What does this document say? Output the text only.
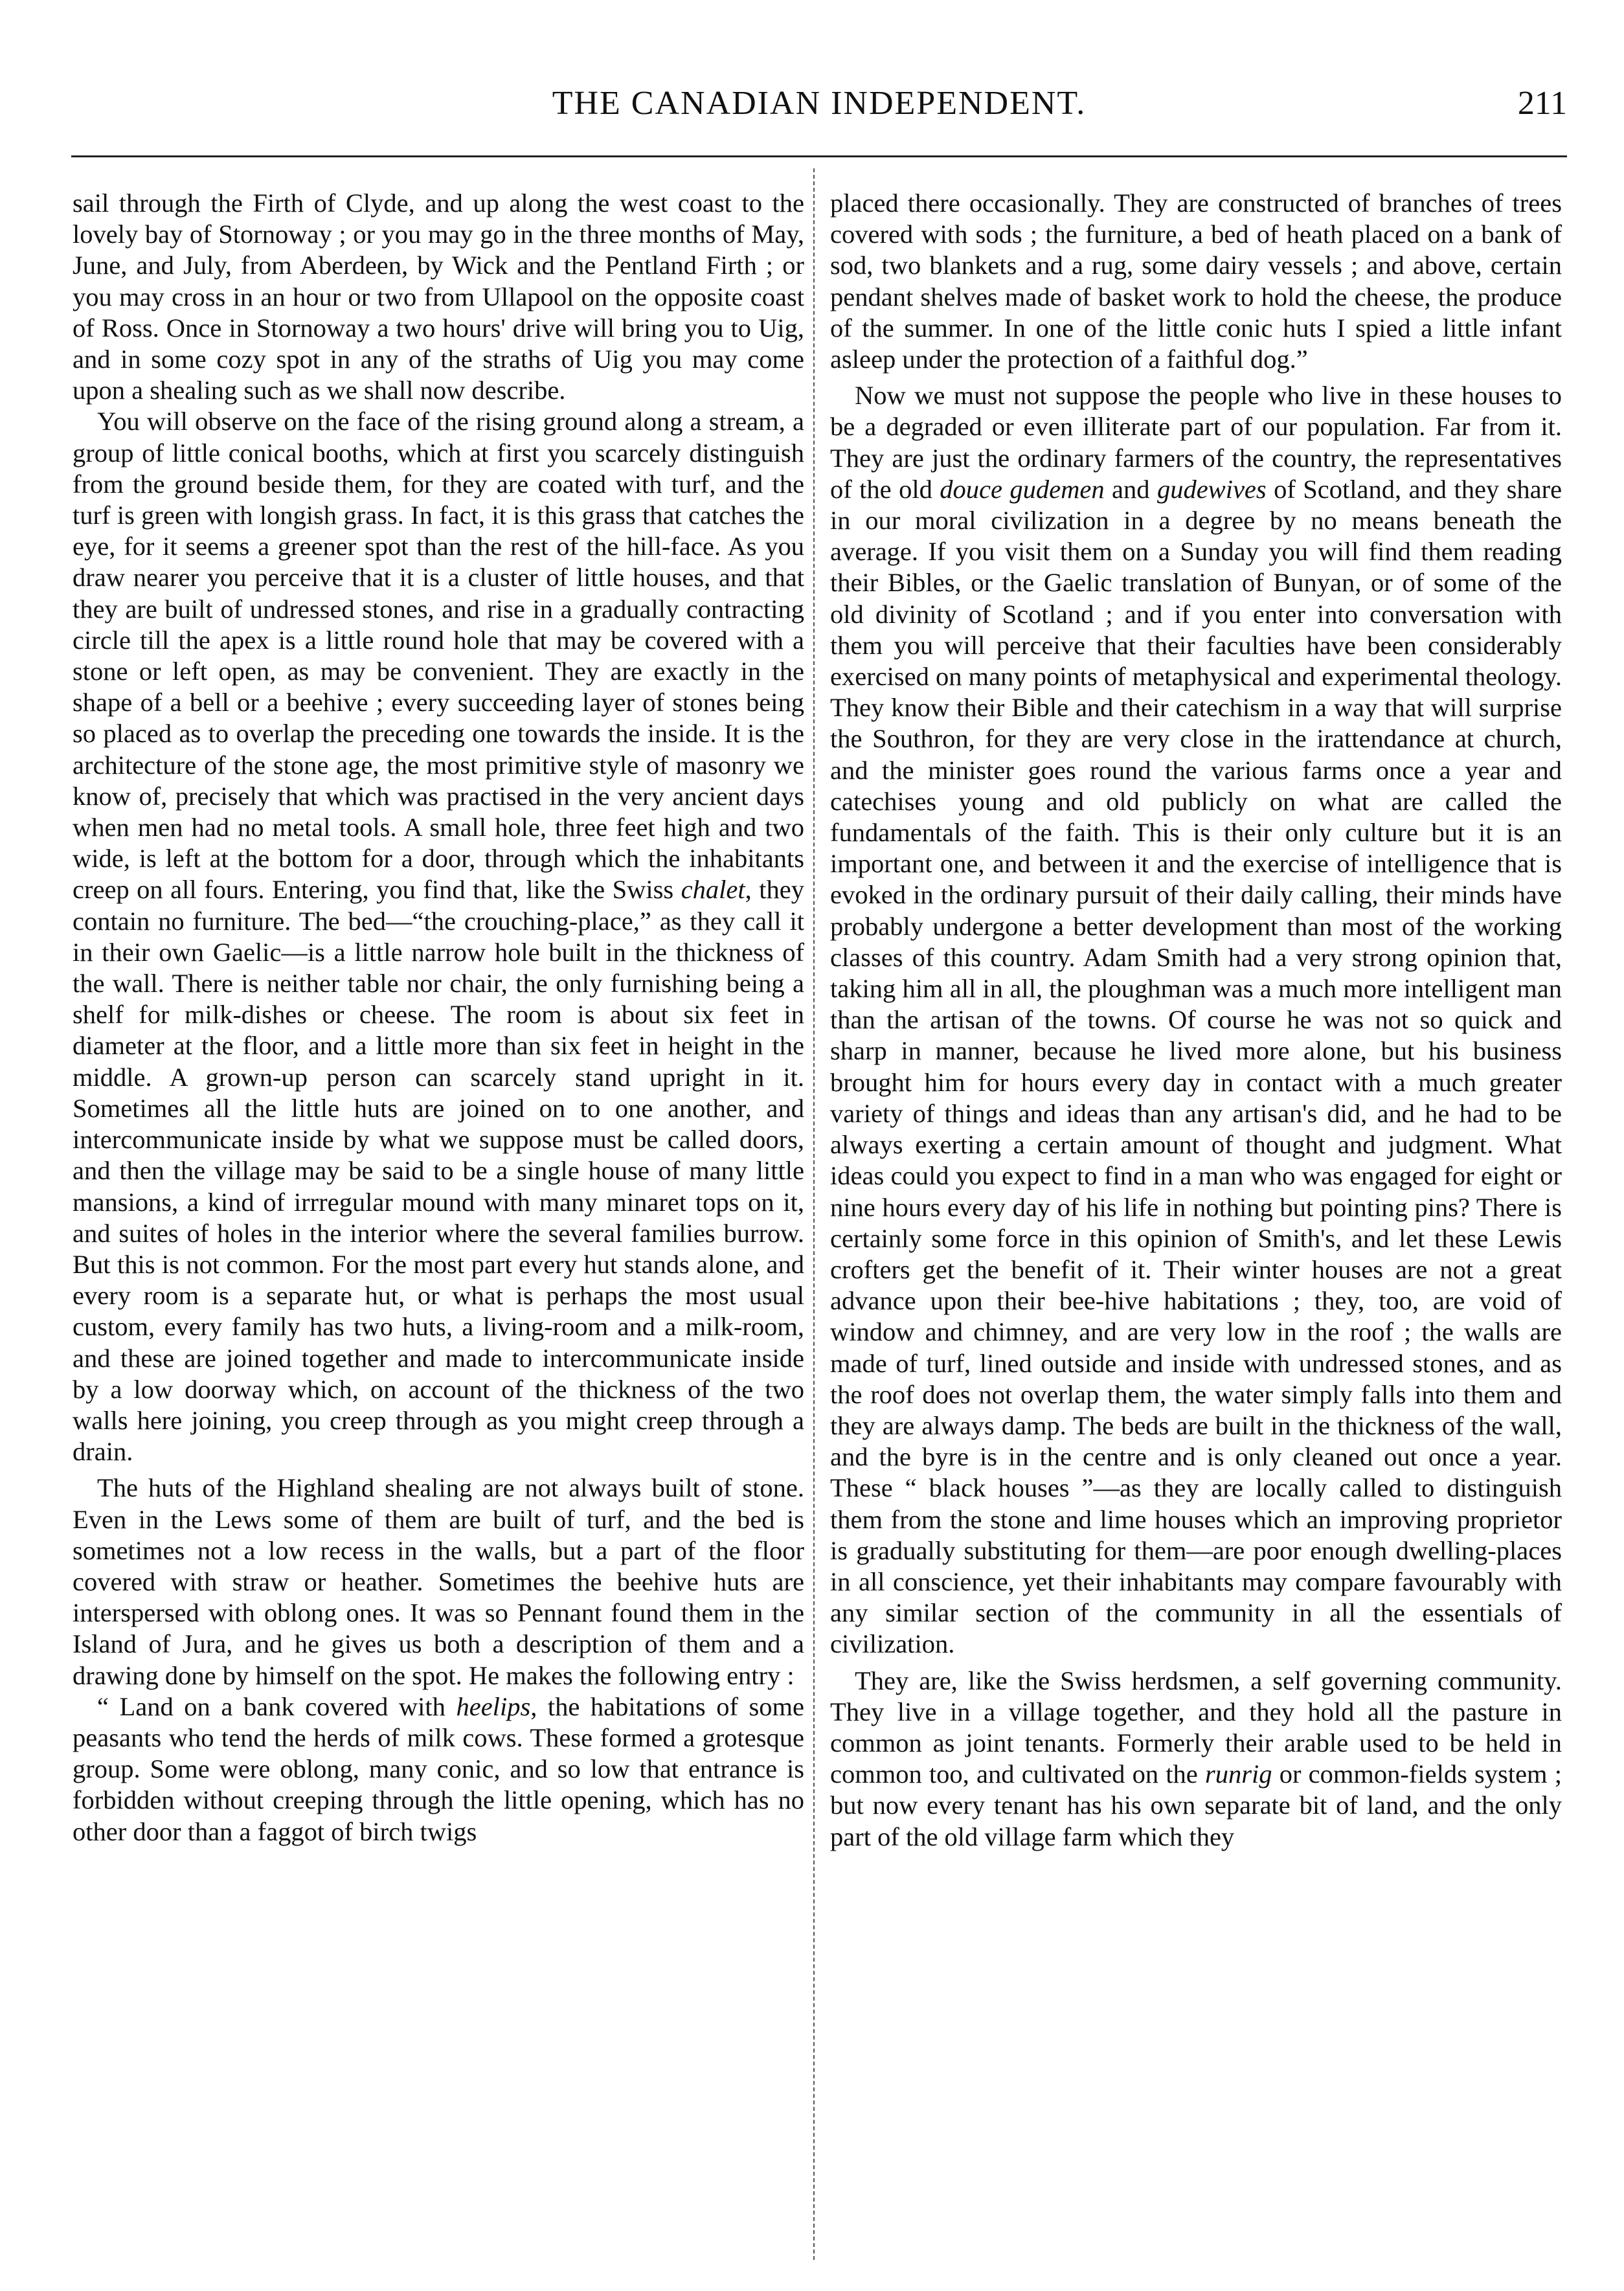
THE CANADIAN INDEPENDENT.	211

sail through the Firth of Clyde, and up along the west coast to the lovely bay of Stornoway ; or you may go in the three months of May, June, and July, from Aberdeen, by Wick and the Pentland Firth ; or you may cross in an hour or two from Ullapool on the opposite coast of Ross. Once in Stornoway a two hours' drive will bring you to Uig, and in some cozy spot in any of the straths of Uig you may come upon a shealing such as we shall now describe.

You will observe on the face of the rising ground along a stream, a group of little conical booths, which at first you scarcely distinguish from the ground beside them, for they are coated with turf, and the turf is green with longish grass. In fact, it is this grass that catches the eye, for it seems a greener spot than the rest of the hill-face. As you draw nearer you perceive that it is a cluster of little houses, and that they are built of undressed stones, and rise in a gradually contracting circle till the apex is a little round hole that may be covered with a stone or left open, as may be convenient. They are exactly in the shape of a bell or a beehive ; every succeeding layer of stones being so placed as to overlap the preceding one towards the inside. It is the architecture of the stone age, the most primitive style of masonry we know of, precisely that which was practised in the very ancient days when men had no metal tools. A small hole, three feet high and two wide, is left at the bottom for a door, through which the inhabitants creep on all fours. Entering, you find that, like the Swiss chalet, they contain no furniture. The bed—“the crouching-place,” as they call it in their own Gaelic—is a little narrow hole built in the thickness of the wall. There is neither table nor chair, the only furnishing being a shelf for milk-dishes or cheese. The room is about six feet in diameter at the floor, and a little more than six feet in height in the middle. A grown-up person can scarcely stand upright in it. Sometimes all the little huts are joined on to one another, and intercommunicate inside by what we suppose must be called doors, and then the village may be said to be a single house of many little mansions, a kind of irrregular mound with many minaret tops on it, and suites of holes in the interior where the several families burrow. But this is not common. For the most part every hut stands alone, and every room is a separate hut, or what is perhaps the most usual custom, every family has two huts, a living-room and a milk-room, and these are joined together and made to intercommunicate inside by a low doorway which, on account of the thickness of the two walls here joining, you creep through as you might creep through a drain.

The huts of the Highland shealing are not always built of stone. Even in the Lews some of them are built of turf, and the bed is sometimes not a low recess in the walls, but a part of the floor covered with straw or heather. Sometimes the beehive huts are interspersed with oblong ones. It was so Pennant found them in the Island of Jura, and he gives us both a description of them and a drawing done by himself on the spot. He makes the following entry :

“ Land on a bank covered with heelips, the habitations of some peasants who tend the herds of milk cows. These formed a grotesque group. Some were oblong, many conic, and so low that entrance is forbidden without creeping through the little opening, which has no other door than a faggot of birch twigs

placed there occasionally. They are constructed of branches of trees covered with sods ; the furniture, a bed of heath placed on a bank of sod, two blankets and a rug, some dairy vessels ; and above, certain pendant shelves made of basket work to hold the cheese, the produce of the summer. In one of the little conic huts I spied a little infant asleep under the protection of a faithful dog.”

Now we must not suppose the people who live in these houses to be a degraded or even illiterate part of our population. Far from it. They are just the ordinary farmers of the country, the representatives of the old douce gudemen and gudewives of Scotland, and they share in our moral civilization in a degree by no means beneath the average. If you visit them on a Sunday you will find them reading their Bibles, or the Gaelic translation of Bunyan, or of some of the old divinity of Scotland ; and if you enter into conversation with them you will perceive that their faculties have been considerably exercised on many points of metaphysical and experimental theology. They know their Bible and their catechism in a way that will surprise the Southron, for they are very close in the irattendance at church, and the minister goes round the various farms once a year and catechises young and old publicly on what are called the fundamentals of the faith. This is their only culture but it is an important one, and between it and the exercise of intelligence that is evoked in the ordinary pursuit of their daily calling, their minds have probably undergone a better development than most of the working classes of this country. Adam Smith had a very strong opinion that, taking him all in all, the ploughman was a much more intelligent man than the artisan of the towns. Of course he was not so quick and sharp in manner, because he lived more alone, but his business brought him for hours every day in contact with a much greater variety of things and ideas than any artisan's did, and he had to be always exerting a certain amount of thought and judgment. What ideas could you expect to find in a man who was engaged for eight or nine hours every day of his life in nothing but pointing pins? There is certainly some force in this opinion of Smith's, and let these Lewis crofters get the benefit of it. Their winter houses are not a great advance upon their bee-hive habitations ; they, too, are void of window and chimney, and are very low in the roof ; the walls are made of turf, lined outside and inside with undressed stones, and as the roof does not overlap them, the water simply falls into them and they are always damp. The beds are built in the thickness of the wall, and the byre is in the centre and is only cleaned out once a year. These “ black houses ”—as they are locally called to distinguish them from the stone and lime houses which an improving proprietor is gradually substituting for them—are poor enough dwelling-places in all conscience, yet their inhabitants may compare favourably with any similar section of the community in all the essentials of civilization.

They are, like the Swiss herdsmen, a self governing community. They live in a village together, and they hold all the pasture in common as joint tenants. Formerly their arable used to be held in common too, and cultivated on the runrig or common-fields system ; but now every tenant has his own separate bit of land, and the only part of the old village farm which they
